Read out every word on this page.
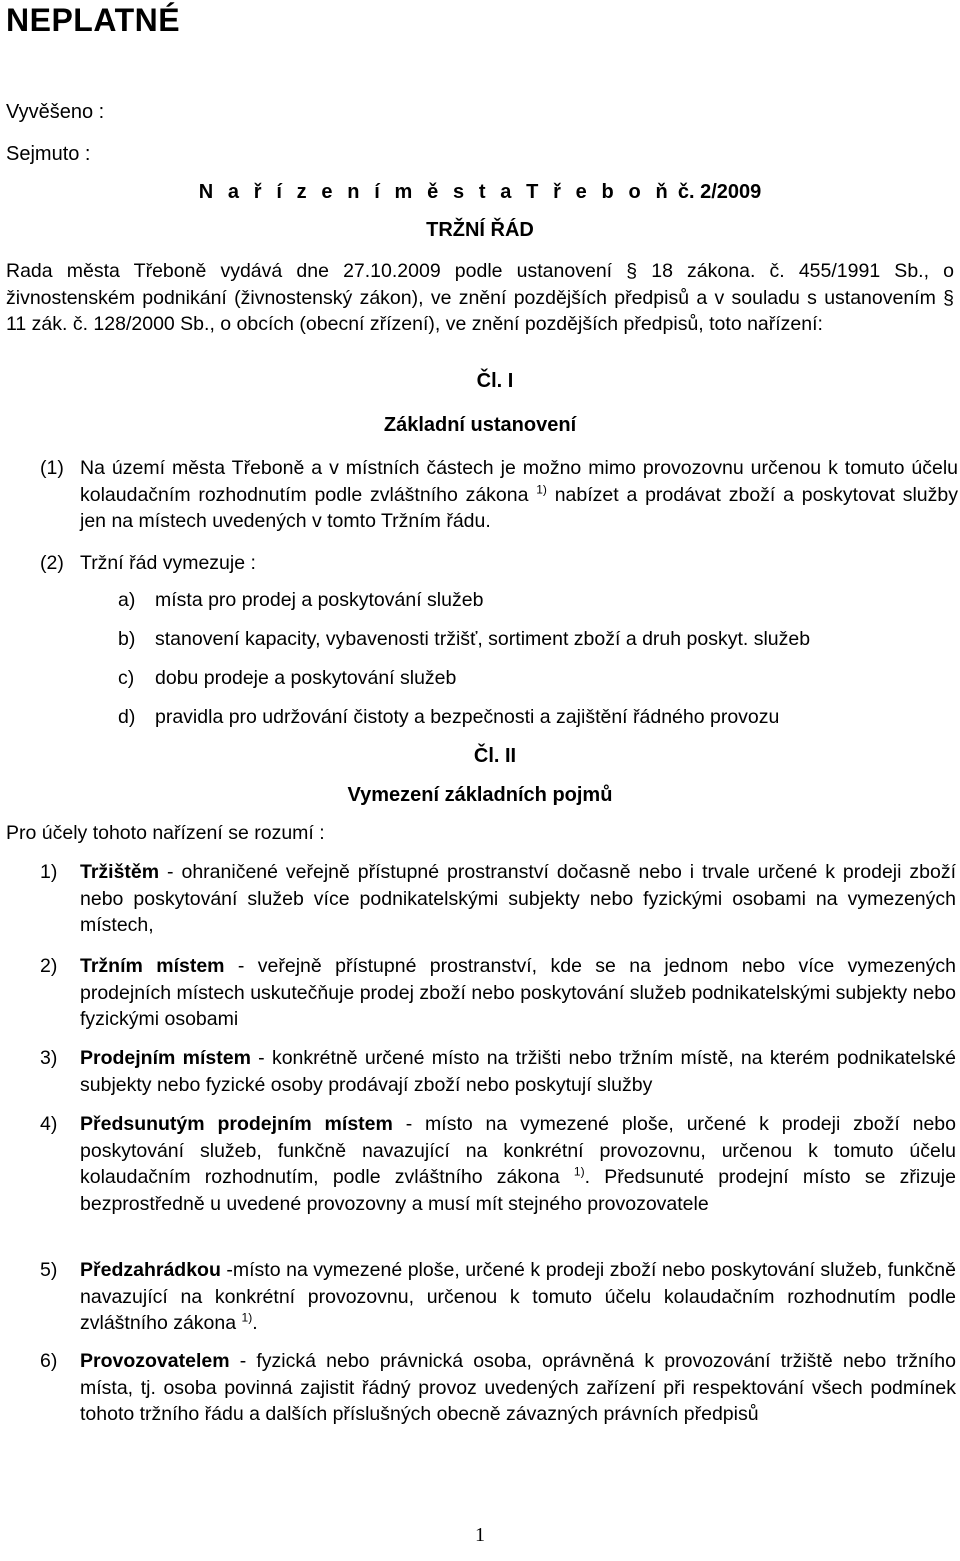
NEPLATNÉ
Vyvěšeno :
Sejmuto :
N a ř í z e n í m ě s t a T ř e b o ň č. 2/2009
TRŽNÍ ŘÁD

Rada města Třeboně vydává dne 27.10.2009 podle ustanovení § 18 zákona. č. 455/1991 Sb., o živnostenském podnikání (živnostenský zákon), ve znění pozdějších předpisů a v souladu s ustanovením § 11 zák. č. 128/2000 Sb., o obcích (obecní zřízení), ve znění pozdějších předpisů, toto nařízení:

Čl. I
Základní ustanovení
(1) Na území města Třeboně a v místních částech je možno mimo provozovnu určenou k tomuto účelu kolaudačním rozhodnutím podle zvláštního zákona $^{1)}$ nabízet a prodávat zboží a poskytovat služby jen na místech uvedených v tomto Tržním řádu.

(2) Tržní řád vymezuje :
a) místa pro prodej a poskytování služeb
b) stanovení kapacity, vybavenosti tržišť, sortiment zboží a druh poskyt. služeb
c) dobu prodeje a poskytování služeb
d) pravidla pro udržování čistoty a bezpečnosti a zajištění řádného provozu
Čl. II
Vymezení základních pojmů
Pro účely tohoto nařízení se rozumí :
1) Tržištěm - ohraničené veřejně přístupné prostranství dočasně nebo i trvale určené k prodeji zboží nebo poskytování služeb více podnikatelskými subjekty nebo fyzickými osobami na vymezených místech,

2) Tržním místem - veřejně přístupné prostranství, kde se na jednom nebo více vymezených prodejních místech uskutečňuje prodej zboží nebo poskytování služeb podnikatelskými subjekty nebo fyzickými osobami

3) Prodejním místem - konkrétně určené místo na tržišti nebo tržním místě, na kterém podnikatelské subjekty nebo fyzické osoby prodávají zboží nebo poskytují služby

4) Předsunutým prodejním místem - místo na vymezené ploše, určené k prodeji zboží nebo poskytování služeb, funkčně navazující na konkrétní provozovnu, určenou k tomuto účelu kolaudačním rozhodnutím, podle zvláštního zákona $^{1)}$. Předsunuté prodejní místo se zřizuje bezprostředně u uvedené provozovny a musí mít stejného provozovatele

5) Předzahrádkou -místo na vymezené ploše, určené k prodeji zboží nebo poskytování služeb, funkčně navazující na konkrétní provozovnu, určenou k tomuto účelu kolaudačním rozhodnutím podle zvláštního zákona $^{1)}$.

6) Provozovatelem - fyzická nebo právnická osoba, oprávněná k provozování tržiště nebo tržního místa, tj. osoba povinná zajistit řádný provoz uvedených zařízení při respektování všech podmínek tohoto tržního řádu a dalších příslušných obecně závazných právních předpisů

1
